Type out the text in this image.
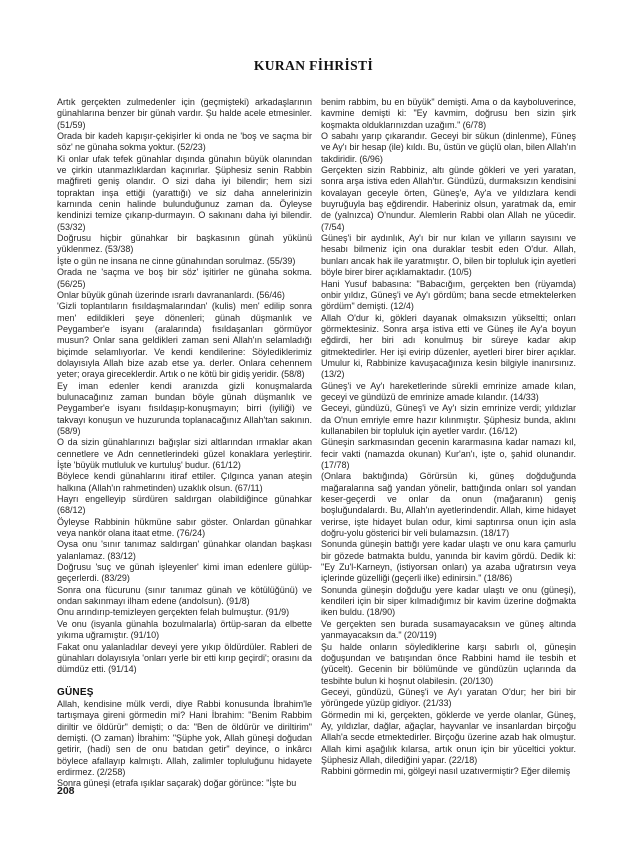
KURAN FİHRİSTİ

Artık gerçekten zulmedenler için (geçmişteki) arkadaşlarının günahlarına benzer bir günah vardır. Şu halde acele etmesinler. (51/59)

Orada bir kadeh kapışır-çekişirler ki onda ne 'boş ve saçma bir söz' ne günaha sokma yoktur. (52/23)

Ki onlar ufak tefek günahlar dışında günahın büyük olanından ve çirkin utanmazlıklardan kaçınırlar. Şüphesiz senin Rabbin mağfireti geniş olandır. O sizi daha iyi bilendir; hem sizi topraktan inşa ettiği (yarattığı) ve siz daha annelerinizin karnında cenin halinde bulunduğunuz zaman da. Öyleyse kendinizi temize çıkarıp-durmayın. O sakınanı daha iyi bilendir. (53/32)

Doğrusu hiçbir günahkar bir başkasının günah yükünü yüklenmez. (53/38)

İşte o gün ne insana ne cinne günahından sorulmaz. (55/39)

Orada ne 'saçma ve boş bir söz' işitirler ne günaha sokma. (56/25)

Onlar büyük günah üzerinde ısrarlı davrananlardı. (56/46)

'Gizli toplantıların fısıldaşmalarından' (kulis) men' edilip sonra men' edildikleri şeye dönenleri; günah düşmanlık ve Peygamber'e isyanı (aralarında) fısıldaşanları görmüyor musun? Onlar sana geldikleri zaman seni Allah'ın selamladığı biçimde selamlıyorlar. Ve kendi kendilerine: Söylediklerimiz dolayısıyla Allah bize azab etse ya. derler. Onlara cehennem yeter; oraya gireceklerdir. Artık o ne kötü bir gidiş yeridir. (58/8)

Ey iman edenler kendi aranızda gizli konuşmalarda bulunacağınız zaman bundan böyle günah düşmanlık ve Peygamber'e isyanı fısıldaşıp-konuşmayın; birri (iyiliği) ve takvayı konuşun ve huzurunda toplanacağınız Allah'tan sakının. (58/9)

O da sizin günahlarınızı bağışlar sizi altlarından ırmaklar akan cennetlere ve Adn cennetlerindeki güzel konaklara yerleştirir. İşte 'büyük mutluluk ve kurtuluş' budur. (61/12)

Böylece kendi günahlarını itiraf ettiler. Çılgınca yanan ateşin halkına (Allah'ın rahmetinden) uzaklık olsun. (67/11)

Hayrı engelleyip sürdüren saldırgan olabildiğince günahkar (68/12)

Öyleyse Rabbinin hükmüne sabır göster. Onlardan günahkar veya nankör olana itaat etme. (76/24)

Oysa onu 'sınır tanımaz saldırgan' günahkar olandan başkası yalanlamaz. (83/12)

Doğrusu 'suç ve günah işleyenler' kimi iman edenlere gülüp-geçerlerdi. (83/29)

Sonra ona fücurunu (sınır tanımaz günah ve kötülüğünü) ve ondan sakınmayı ilham edene (andolsun). (91/8)

Onu arındırıp-temizleyen gerçekten felah bulmuştur. (91/9)

Ve onu (isyanla günahla bozulmalarla) örtüp-saran da elbette yıkıma uğramıştır. (91/10)

Fakat onu yalanladılar deveyi yere yıkıp öldürdüler. Rableri de günahları dolayısıyla 'onları yerle bir etti kırıp geçirdi'; orasını da dümdüz etti. (91/14)

GÜNEŞ

Allah, kendisine mülk verdi, diye Rabbi konusunda İbrahim'le tartışmaya gireni görmedin mi? Hani İbrahim: "Benim Rabbim diriltir ve öldürür" demişti; o da: "Ben de öldürür ve diriltirim" demişti. (O zaman) İbrahim: "Şüphe yok, Allah güneşi doğudan getirir, (hadi) sen de onu batıdan getir" deyince, o inkârcı böylece afallayıp kalmıştı. Allah, zalimler topluluğunu hidayete erdirmez. (2/258)

Sonra güneşi (etrafa ışıklar saçarak) doğar görünce: "İşte bu

benim rabbim, bu en büyük" demişti. Ama o da kayboluverince, kavmine demişti ki: "Ey kavmim, doğrusu ben sizin şirk koşmakta olduklarınızdan uzağım." (6/78)

O sabahı yarıp çıkarandır. Geceyi bir sükun (dinlenme), Füneş ve Ay'ı bir hesap (ile) kıldı. Bu, üstün ve güçlü olan, bilen Allah'ın takdiridir. (6/96)

Gerçekten sizin Rabbiniz, altı günde gökleri ve yeri yaratan, sonra arşa istiva eden Allah'tır. Gündüzü, durmaksızın kendisini kovalayan geceyle örten, Güneş'e, Ay'a ve yıldızlara kendi buyruğuyla baş eğdirendir. Haberiniz olsun, yaratmak da, emir de (yalnızca) O'nundur. Alemlerin Rabbi olan Allah ne yücedir. (7/54)

Güneş'i bir aydınlık, Ay'ı bir nur kılan ve yılların sayısını ve hesabı bilmeniz için ona duraklar tesbit eden O'dur. Allah, bunları ancak hak ile yaratmıştır. O, bilen bir topluluk için ayetleri böyle birer birer açıklamaktadır. (10/5)

Hani Yusuf babasına: "Babacığım, gerçekten ben (rüyamda) onbir yıldız, Güneş'i ve Ay'ı gördüm; bana secde etmektelerken gördüm" demişti. (12/4)

Allah O'dur ki, gökleri dayanak olmaksızın yükseltti; onları görmektesiniz. Sonra arşa istiva etti ve Güneş ile Ay'a boyun eğdirdi, her biri adı konulmuş bir süreye kadar akıp gitmektedirler. Her işi evirip düzenler, ayetleri birer birer açıklar. Umulur ki, Rabbinize kavuşacağınıza kesin bilgiyle inanırsınız. (13/2)

Güneş'i ve Ay'ı hareketlerinde sürekli emrinize amade kılan, geceyi ve gündüzü de emrinize amade kılandır. (14/33)

Geceyi, gündüzü, Güneş'i ve Ay'ı sizin emrinize verdi; yıldızlar da O'nun emriyle emre hazır kılınmıştır. Şüphesiz bunda, aklını kullanabilen bir topluluk için ayetler vardır. (16/12)

Güneşin sarkmasından gecenin kararmasına kadar namazı kıl, fecir vakti (namazda okunan) Kur'an'ı, işte o, şahid olunandır. (17/78)

(Onlara baktığında) Görürsün ki, güneş doğduğunda mağaralarına sağ yandan yönelir, battığında onları sol yandan keser-geçerdi ve onlar da onun (mağaranın) geniş boşluğundalardı. Bu, Allah'ın ayetlerindendir. Allah, kime hidayet verirse, işte hidayet bulan odur, kimi saptırırsa onun için asla doğru-yolu gösterici bir veli bulamazsın. (18/17)

Sonunda güneşin battığı yere kadar ulaştı ve onu kara çamurlu bir gözede batmakta buldu, yanında bir kavim gördü. Dedik ki: "Ey Zu'l-Karneyn, (istiyorsan onları) ya azaba uğratırsın veya içlerinde güzelliği (geçerli ilke) edinirsin." (18/86)

Sonunda güneşin doğduğu yere kadar ulaştı ve onu (güneşi), kendileri için bir siper kılmadığımız bir kavim üzerine doğmakta iken buldu. (18/90)

Ve gerçekten sen burada susamayacaksın ve güneş altında yanmayacaksın da." (20/119)

Şu halde onların söylediklerine karşı sabırlı ol, güneşin doğuşundan ve batışından önce Rabbini hamd ile tesbih et (yücelt). Gecenin bir bölümünde ve gündüzün uçlarında da tesbihte bulun ki hoşnut olabilesin. (20/130)

Geceyi, gündüzü, Güneş'i ve Ay'ı yaratan O'dur; her biri bir yörüngede yüzüp gidiyor. (21/33)

Görmedin mi ki, gerçekten, göklerde ve yerde olanlar, Güneş, Ay, yıldızlar, dağlar, ağaçlar, hayvanlar ve insanlardan birçoğu Allah'a secde etmektedirler. Birçoğu üzerine azab hak olmuştur. Allah kimi aşağılık kılarsa, artık onun için bir yüceltici yoktur. Şüphesiz Allah, dilediğini yapar. (22/18)

Rabbini görmedin mi, gölgeyi nasıl uzatıvermiştir? Eğer dilemiş

208
